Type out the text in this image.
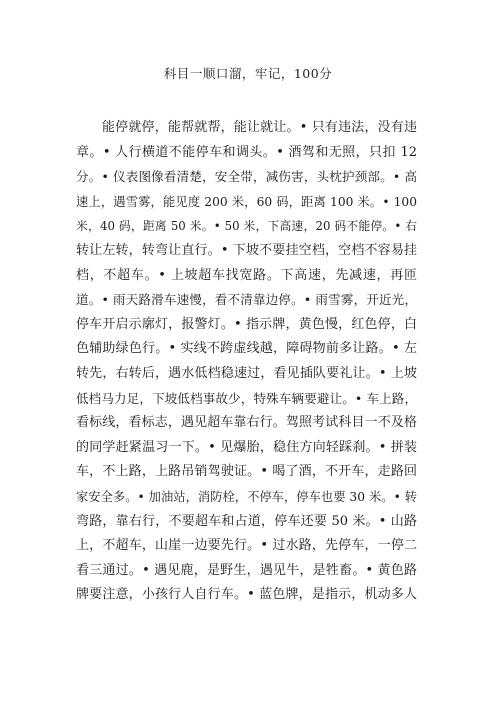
科目一顺口溜，牢记，100分
能停就停，能帮就帮，能让就让。• 只有违法，没有违
章。• 人行横道不能停车和调头。• 酒驾和无照，只扣 12
分。• 仪表图像看清楚，安全带，减伤害，头枕护颈部。• 高
速上，遇雪雾，能见度 200 米，60 码，距离 100 米。• 100
米，40 码，距离 50 米。• 50 米，下高速，20 码不能停。• 右
转让左转，转弯让直行。• 下坡不要挂空档，空档不容易挂
档，不超车。• 上坡超车找宽路。下高速，先减速，再匝
道。• 雨天路滑车速慢，看不清靠边停。• 雨雪雾，开近光，
停车开启示廓灯，报警灯。• 指示牌，黄色慢，红色停，白
色辅助绿色行。• 实线不跨虚线越，障碍物前多让路。• 左
转先，右转后，遇水低档稳速过，看见插队要礼让。• 上坡
低档马力足，下坡低档事故少，特殊车辆要避让。• 车上路，
看标线，看标志，遇见超车靠右行。驾照考试科目一不及格
的同学赶紧温习一下。• 见爆胎，稳住方向轻踩刹。• 拼装
车，不上路，上路吊销驾驶证。• 喝了酒，不开车，走路回
家安全多。• 加油站，消防栓，不停车，停车也要 30 米。• 转
弯路，靠右行，不要超车和占道，停车还要 50 米。• 山路
上，不超车，山崖一边要先行。• 过水路，先停车，一停二
看三通过。• 遇见鹿，是野生，遇见牛，是牲畜。• 黄色路
牌要注意，小孩行人自行车。• 蓝色牌，是指示，机动多人
